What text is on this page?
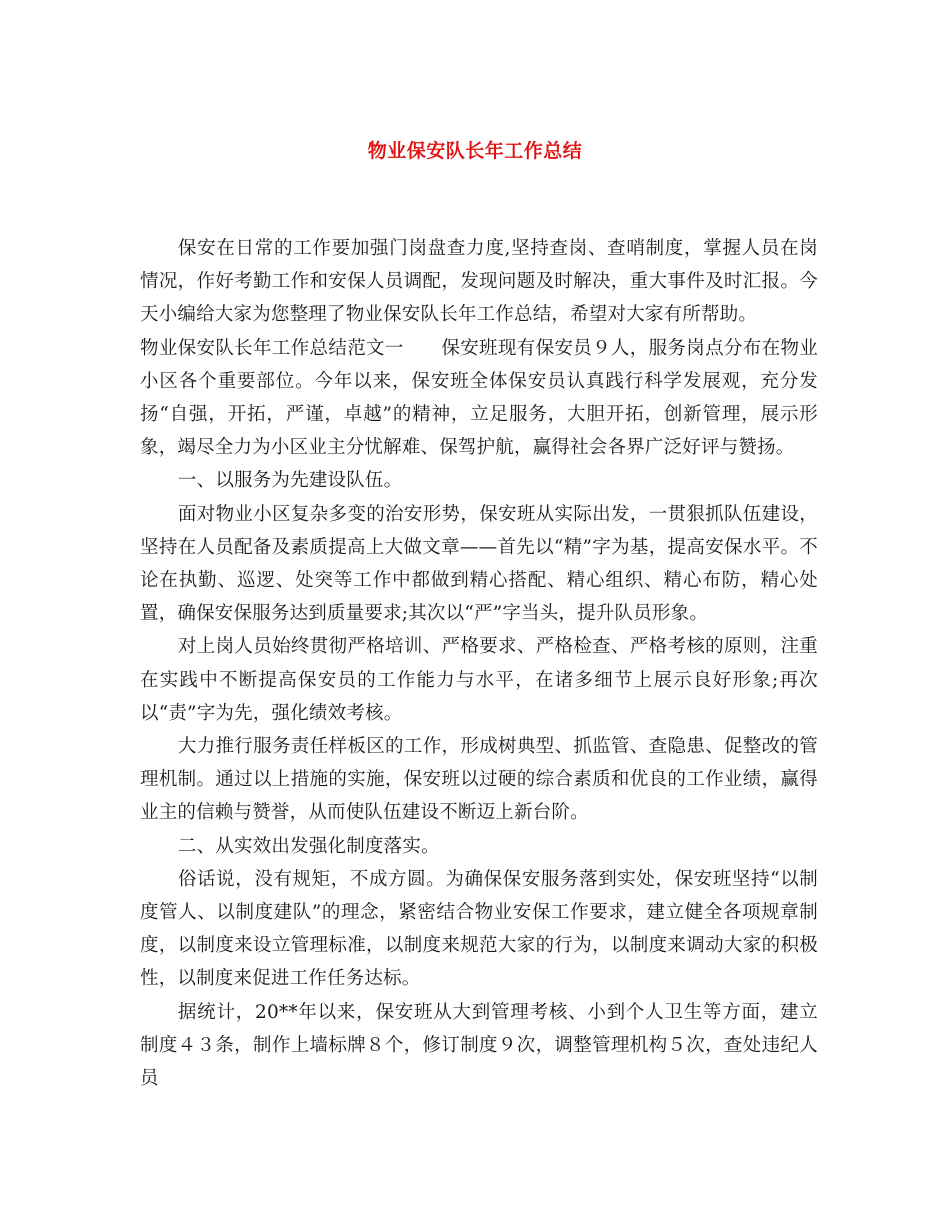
物业保安队长年工作总结

保安在日常的工作要加强门岗盘查力度,坚持查岗、查哨制度，掌握人员在岗情况，作好考勤工作和安保人员调配，发现问题及时解决，重大事件及时汇报。今天小编给大家为您整理了物业保安队长年工作总结，希望对大家有所帮助。

物业保安队长年工作总结范文一　　保安班现有保安员９人，服务岗点分布在物业小区各个重要部位。今年以来，保安班全体保安员认真践行科学发展观，充分发扬“自强，开拓，严谨，卓越”的精神，立足服务，大胆开拓，创新管理，展示形象，竭尽全力为小区业主分忧解难、保驾护航，赢得社会各界广泛好评与赞扬。

一、以服务为先建设队伍。

面对物业小区复杂多变的治安形势，保安班从实际出发，一贯狠抓队伍建设，坚持在人员配备及素质提高上大做文章——首先以“精”字为基，提高安保水平。不论在执勤、巡逻、处突等工作中都做到精心搭配、精心组织、精心布防，精心处置，确保安保服务达到质量要求;其次以“严”字当头，提升队员形象。

对上岗人员始终贯彻严格培训、严格要求、严格检查、严格考核的原则，注重在实践中不断提高保安员的工作能力与水平，在诸多细节上展示良好形象;再次以“责”字为先，强化绩效考核。

大力推行服务责任样板区的工作，形成树典型、抓监管、查隐患、促整改的管理机制。通过以上措施的实施，保安班以过硬的综合素质和优良的工作业绩，赢得业主的信赖与赞誉，从而使队伍建设不断迈上新台阶。

二、从实效出发强化制度落实。

俗话说，没有规矩，不成方圆。为确保保安服务落到实处，保安班坚持“以制度管人、以制度建队”的理念，紧密结合物业安保工作要求，建立健全各项规章制度，以制度来设立管理标准，以制度来规范大家的行为，以制度来调动大家的积极性，以制度来促进工作任务达标。

据统计，20**年以来，保安班从大到管理考核、小到个人卫生等方面，建立制度４３条，制作上墙标牌８个，修订制度９次，调整管理机构５次，查处违纪人员
